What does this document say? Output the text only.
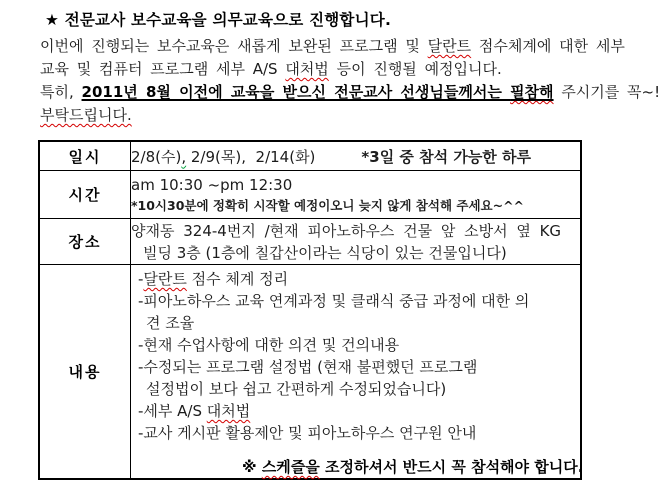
★ 전문교사 보수교육을 의무교육으로 진행합니다.
이번에 진행되는 보수교육은 새롭게 보완된 프로그램 및 달란트 점수체계에 대한 세부
교육 및 컴퓨터 프로그램 세부 A/S 대처법 등이 진행될 예정입니다.
특히, 2011년 8월 이전에 교육을 받으신 전문교사 선생님들께서는 필참해 주시기를 꼭~!
부탁드립니다.
일시	2/8(수), 2/9(목),  2/14(화) *3일 중 참석 가능한 하루

시간	am 10:30 ~pm 12:30
*10시30분에 정확히 시작할 예정이오니 늦지 않게 참석해 주세요~^^

장소	양재동 324-4번지 /현재 피아노하우스 건물 앞 소방서 옆 KG
빌딩 3층 (1층에 칠갑산이라는 식당이 있는 건물입니다)

내용	
-달란트 점수 체계 정리
-피아노하우스 교육 연계과정 및 클래식 중급 과정에 대한 의
견 조율
-현재 수업사항에 대한 의견 및 건의내용
-수정되는 프로그램 설정법 (현재 불편했던 프로그램
설정법이 보다 쉽고 간편하게 수정되었습니다)
-세부 A/S 대처법
-교사 게시판 활용제안 및 피아노하우스 연구원 안내

※ 스케즐을 조정하셔서 반드시 꼭 참석해야 합니다.
